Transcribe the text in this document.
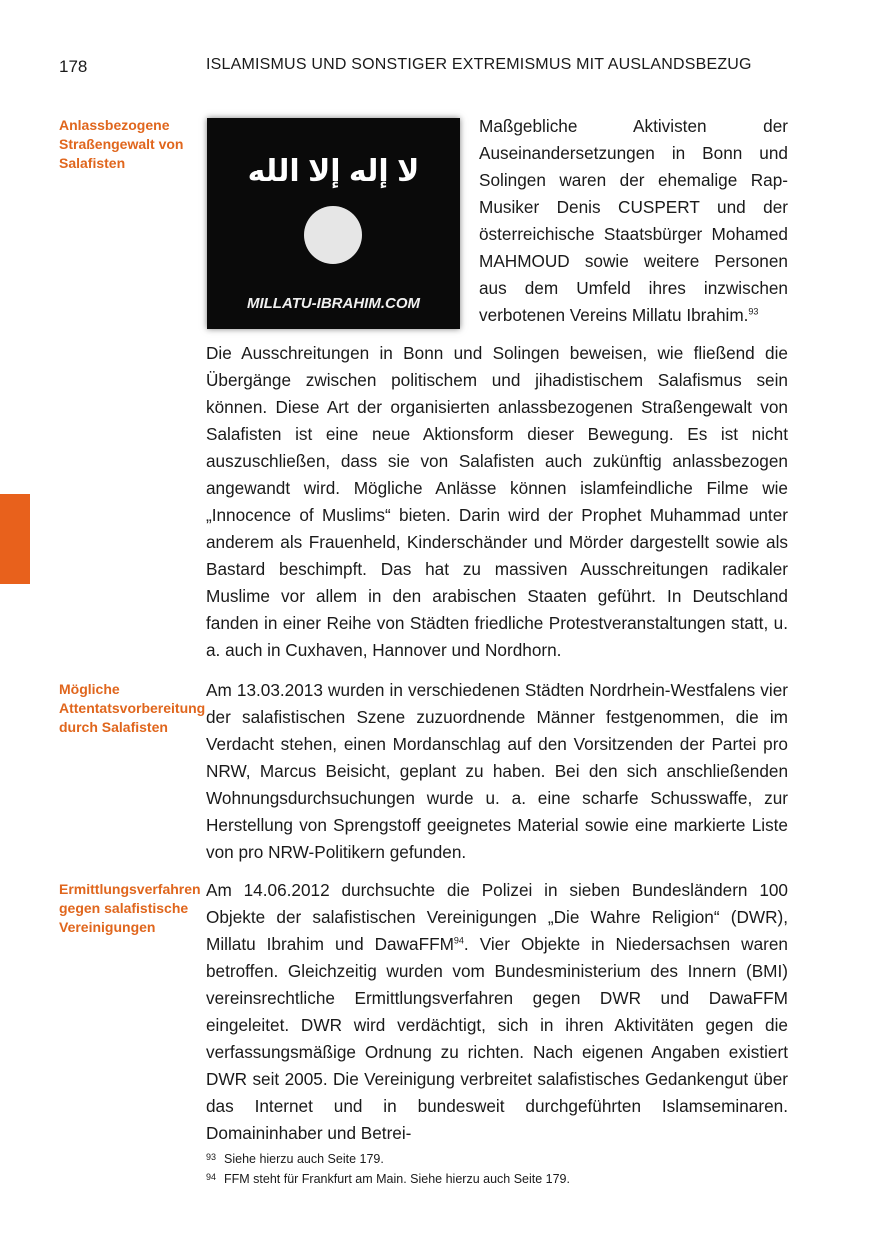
178	ISLAMISMUS UND SONSTIGER EXTREMISMUS MIT AUSLANDSBEZUG
Anlassbezogene Straßengewalt von Salafisten
Mögliche Attentatsvorbereitung durch Salafisten
Ermittlungsverfahren gegen salafistische Vereinigungen
لا إله إلا الله
MILLATU-IBRAHIM.COM
Maßgebliche Aktivisten der Auseinandersetzungen in Bonn und Solingen waren der ehemalige Rap-Musiker Denis CUSPERT und der österreichische Staatsbürger Mohamed MAHMOUD sowie weitere Personen aus dem Umfeld ihres inzwischen verbotenen Vereins Millatu Ibrahim.$^{93}$
Die Ausschreitungen in Bonn und Solingen beweisen, wie fließend die Übergänge zwischen politischem und jihadistischem Salafismus sein können. Diese Art der organisierten anlassbezogenen Straßengewalt von Salafisten ist eine neue Aktionsform dieser Bewegung. Es ist nicht auszuschließen, dass sie von Salafisten auch zukünftig anlassbezogen angewandt wird. Mögliche Anlässe können islamfeindliche Filme wie „Innocence of Muslims“ bieten. Darin wird der Prophet Muhammad unter anderem als Frauenheld, Kinderschänder und Mörder dargestellt sowie als Bastard beschimpft. Das hat zu massiven Ausschreitungen radikaler Muslime vor allem in den arabischen Staaten geführt. In Deutschland fanden in einer Reihe von Städten friedliche Protestveranstaltungen statt, u. a. auch in Cuxhaven, Hannover und Nordhorn.
Am 13.03.2013 wurden in verschiedenen Städten Nordrhein-Westfalens vier der salafistischen Szene zuzuordnende Männer festgenommen, die im Verdacht stehen, einen Mordanschlag auf den Vorsitzenden der Partei pro NRW, Marcus Beisicht, geplant zu haben. Bei den sich anschließenden Wohnungsdurchsuchungen wurde u. a. eine scharfe Schusswaffe, zur Herstellung von Sprengstoff geeignetes Material sowie eine markierte Liste von pro NRW-Politikern gefunden.
Am 14.06.2012 durchsuchte die Polizei in sieben Bundesländern 100 Objekte der salafistischen Vereinigungen „Die Wahre Religion“ (DWR), Millatu Ibrahim und DawaFFM$^{94}$. Vier Objekte in Niedersachsen waren betroffen. Gleichzeitig wurden vom Bundesministerium des Innern (BMI) vereinsrechtliche Ermittlungsverfahren gegen DWR und DawaFFM eingeleitet. DWR wird verdächtigt, sich in ihren Aktivitäten gegen die verfassungsmäßige Ordnung zu richten. Nach eigenen Angaben existiert DWR seit 2005. Die Vereinigung verbreitet salafistisches Gedankengut über das Internet und in bundesweit durchgeführten Islamseminaren. Domaininhaber und Betrei-
93 Siehe hierzu auch Seite 179.
94 FFM steht für Frankfurt am Main. Siehe hierzu auch Seite 179.
